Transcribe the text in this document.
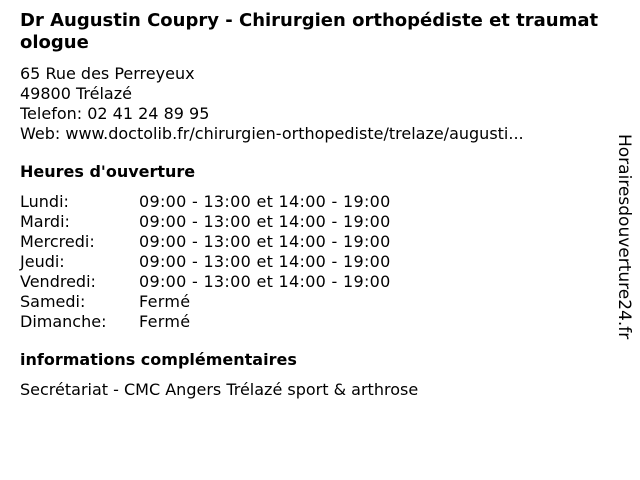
Dr Augustin Coupry - Chirurgien orthopédiste et traumatologue
65 Rue des Perreyeux
49800 Trélazé
Telefon: 02 41 24 89 95
Web: www.doctolib.fr/chirurgien-orthopediste/trelaze/augusti...
Heures d'ouverture
Lundi:	09:00 - 13:00 et 14:00 - 19:00
Mardi:	09:00 - 13:00 et 14:00 - 19:00
Mercredi:	09:00 - 13:00 et 14:00 - 19:00
Jeudi:	09:00 - 13:00 et 14:00 - 19:00
Vendredi:	09:00 - 13:00 et 14:00 - 19:00
Samedi:	Fermé
Dimanche:	Fermé
informations complémentaires
Secrétariat - CMC Angers Trélazé sport & arthrose
Horairesdouverture24.fr
